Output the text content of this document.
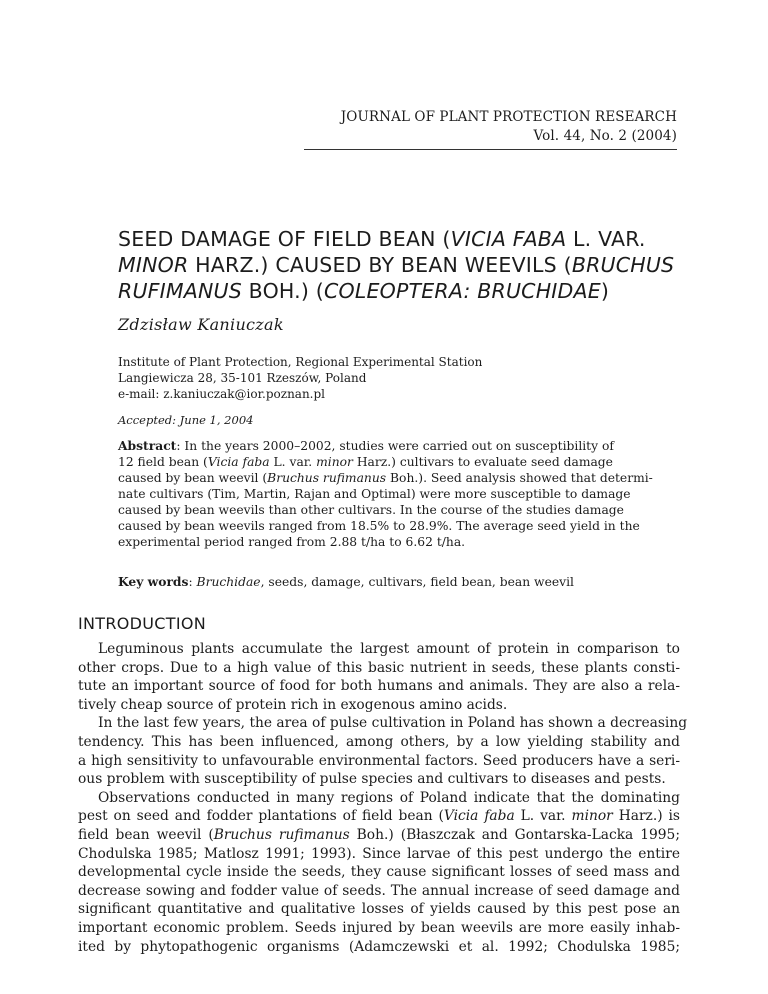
JOURNAL OF PLANT PROTECTION RESEARCH
Vol. 44, No. 2 (2004)
SEED DAMAGE OF FIELD BEAN (VICIA FABA L. VAR.
MINOR HARZ.) CAUSED BY BEAN WEEVILS (BRUCHUS
RUFIMANUS BOH.) (COLEOPTERA: BRUCHIDAE)
Zdzisław Kaniuczak
Institute of Plant Protection, Regional Experimental Station
Langiewicza 28, 35-101 Rzeszów, Poland
e-mail: z.kaniuczak@ior.poznan.pl
Accepted: June 1, 2004
Abstract: In the years 2000–2002, studies were carried out on susceptibility of
12 field bean (Vicia faba L. var. minor Harz.) cultivars to evaluate seed damage
caused by bean weevil (Bruchus rufimanus Boh.). Seed analysis showed that determi-
nate cultivars (Tim, Martin, Rajan and Optimal) were more susceptible to damage
caused by bean weevils than other cultivars. In the course of the studies damage
caused by bean weevils ranged from 18.5% to 28.9%. The average seed yield in the
experimental period ranged from 2.88 t/ha to 6.62 t/ha.
Key words: Bruchidae, seeds, damage, cultivars, field bean, bean weevil
INTRODUCTION

Leguminous plants accumulate the largest amount of protein in comparison to
other crops. Due to a high value of this basic nutrient in seeds, these plants consti-
tute an important source of food for both humans and animals. They are also a rela-
tively cheap source of protein rich in exogenous amino acids.

In the last few years, the area of pulse cultivation in Poland has shown a decreasing
tendency. This has been influenced, among others, by a low yielding stability and
a high sensitivity to unfavourable environmental factors. Seed producers have a seri-
ous problem with susceptibility of pulse species and cultivars to diseases and pests.

Observations conducted in many regions of Poland indicate that the dominating
pest on seed and fodder plantations of field bean (Vicia faba L. var. minor Harz.) is
field bean weevil (Bruchus rufimanus Boh.) (Błaszczak and Gontarska-Lacka 1995;
Chodulska 1985; Matlosz 1991; 1993). Since larvae of this pest undergo the entire
developmental cycle inside the seeds, they cause significant losses of seed mass and
decrease sowing and fodder value of seeds. The annual increase of seed damage and
significant quantitative and qualitative losses of yields caused by this pest pose an
important economic problem. Seeds injured by bean weevils are more easily inhab-
ited by phytopathogenic organisms (Adamczewski et al. 1992; Chodulska 1985;
